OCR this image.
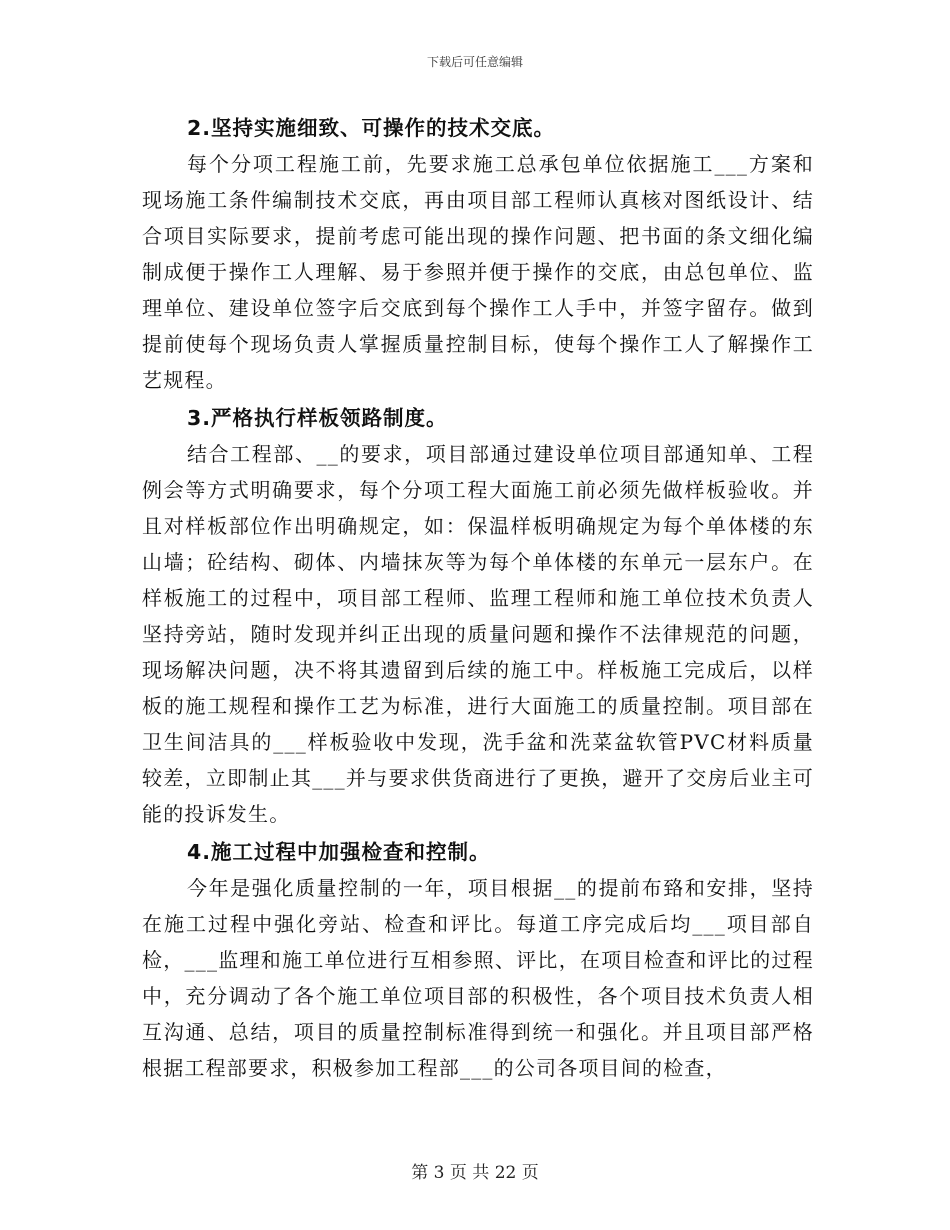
下载后可任意编辑
2.坚持实施细致、可操作的技术交底。

每个分项工程施工前，先要求施工总承包单位依据施工___方案和现场施工条件编制技术交底，再由项目部工程师认真核对图纸设计、结合项目实际要求，提前考虑可能出现的操作问题、把书面的条文细化编制成便于操作工人理解、易于参照并便于操作的交底，由总包单位、监理单位、建设单位签字后交底到每个操作工人手中，并签字留存。做到提前使每个现场负责人掌握质量控制目标，使每个操作工人了解操作工艺规程。

3.严格执行样板领路制度。

结合工程部、__的要求，项目部通过建设单位项目部通知单、工程例会等方式明确要求，每个分项工程大面施工前必须先做样板验收。并且对样板部位作出明确规定，如：保温样板明确规定为每个单体楼的东山墙；砼结构、砌体、内墙抹灰等为每个单体楼的东单元一层东户。在样板施工的过程中，项目部工程师、监理工程师和施工单位技术负责人坚持旁站，随时发现并纠正出现的质量问题和操作不法律规范的问题，现场解决问题，决不将其遗留到后续的施工中。样板施工完成后，以样板的施工规程和操作工艺为标准，进行大面施工的质量控制。项目部在卫生间洁具的___样板验收中发现，洗手盆和洗菜盆软管PVC材料质量较差，立即制止其___并与要求供货商进行了更换，避开了交房后业主可能的投诉发生。

4.施工过程中加强检查和控制。

今年是强化质量控制的一年，项目根据__的提前布臵和安排，坚持在施工过程中强化旁站、检查和评比。每道工序完成后均___项目部自检，___监理和施工单位进行互相参照、评比，在项目检查和评比的过程中，充分调动了各个施工单位项目部的积极性，各个项目技术负责人相互沟通、总结，项目的质量控制标准得到统一和强化。并且项目部严格根据工程部要求，积极参加工程部___的公司各项目间的检查，

第 3 页 共 22 页
